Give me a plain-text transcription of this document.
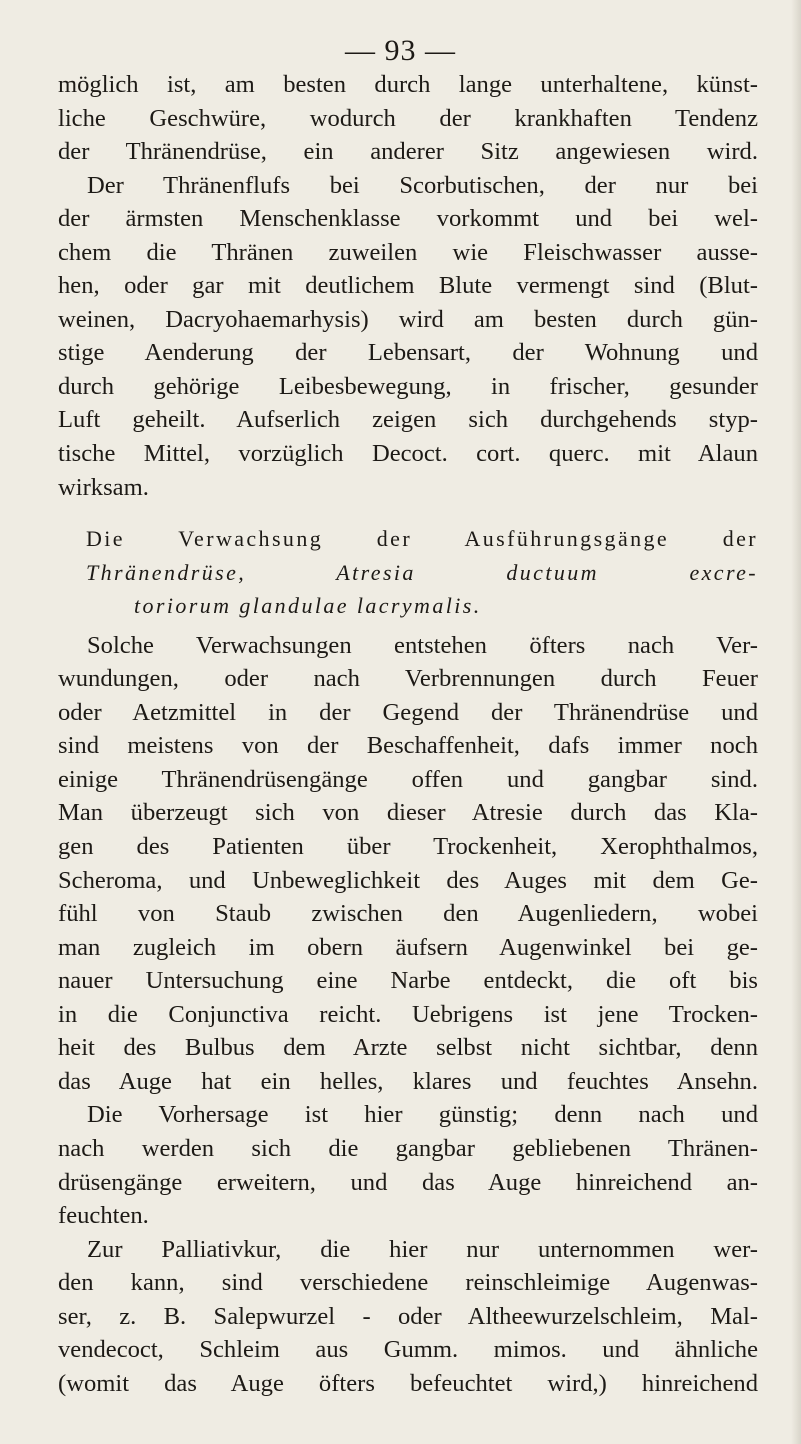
— 93 —
möglich ist, am besten durch lange unterhaltene, künst-
liche Geschwüre, wodurch der krankhaften Tendenz
der Thränendrüse, ein anderer Sitz angewiesen wird.
Der Thränenflufs bei Scorbutischen, der nur bei
der ärmsten Menschenklasse vorkommt und bei wel-
chem die Thränen zuweilen wie Fleischwasser ausse-
hen, oder gar mit deutlichem Blute vermengt sind (Blut-
weinen, Dacryohaemarhysis) wird am besten durch gün-
stige Aenderung der Lebensart, der Wohnung und
durch gehörige Leibesbewegung, in frischer, gesunder
Luft geheilt. Aufserlich zeigen sich durchgehends styp-
tische Mittel, vorzüglich Decoct. cort. querc. mit Alaun
wirksam.
Die Verwachsung der Ausführungsgänge der
Thränendrüse, Atresia ductuum excre-
toriorum glandulae lacrymalis.
Solche Verwachsungen entstehen öfters nach Ver-
wundungen, oder nach Verbrennungen durch Feuer
oder Aetzmittel in der Gegend der Thränendrüse und
sind meistens von der Beschaffenheit, dafs immer noch
einige Thränendrüsengänge offen und gangbar sind.
Man überzeugt sich von dieser Atresie durch das Kla-
gen des Patienten über Trockenheit, Xerophthalmos,
Scheroma, und Unbeweglichkeit des Auges mit dem Ge-
fühl von Staub zwischen den Augenliedern, wobei
man zugleich im obern äufsern Augenwinkel bei ge-
nauer Untersuchung eine Narbe entdeckt, die oft bis
in die Conjunctiva reicht. Uebrigens ist jene Trocken-
heit des Bulbus dem Arzte selbst nicht sichtbar, denn
das Auge hat ein helles, klares und feuchtes Ansehn.
Die Vorhersage ist hier günstig; denn nach und
nach werden sich die gangbar gebliebenen Thränen-
drüsengänge erweitern, und das Auge hinreichend an-
feuchten.
Zur Palliativkur, die hier nur unternommen wer-
den kann, sind verschiedene reinschleimige Augenwas-
ser, z. B. Salepwurzel - oder Altheewurzelschleim, Mal-
vendecoct, Schleim aus Gumm. mimos. und ähnliche
(womit das Auge öfters befeuchtet wird,) hinreichend
